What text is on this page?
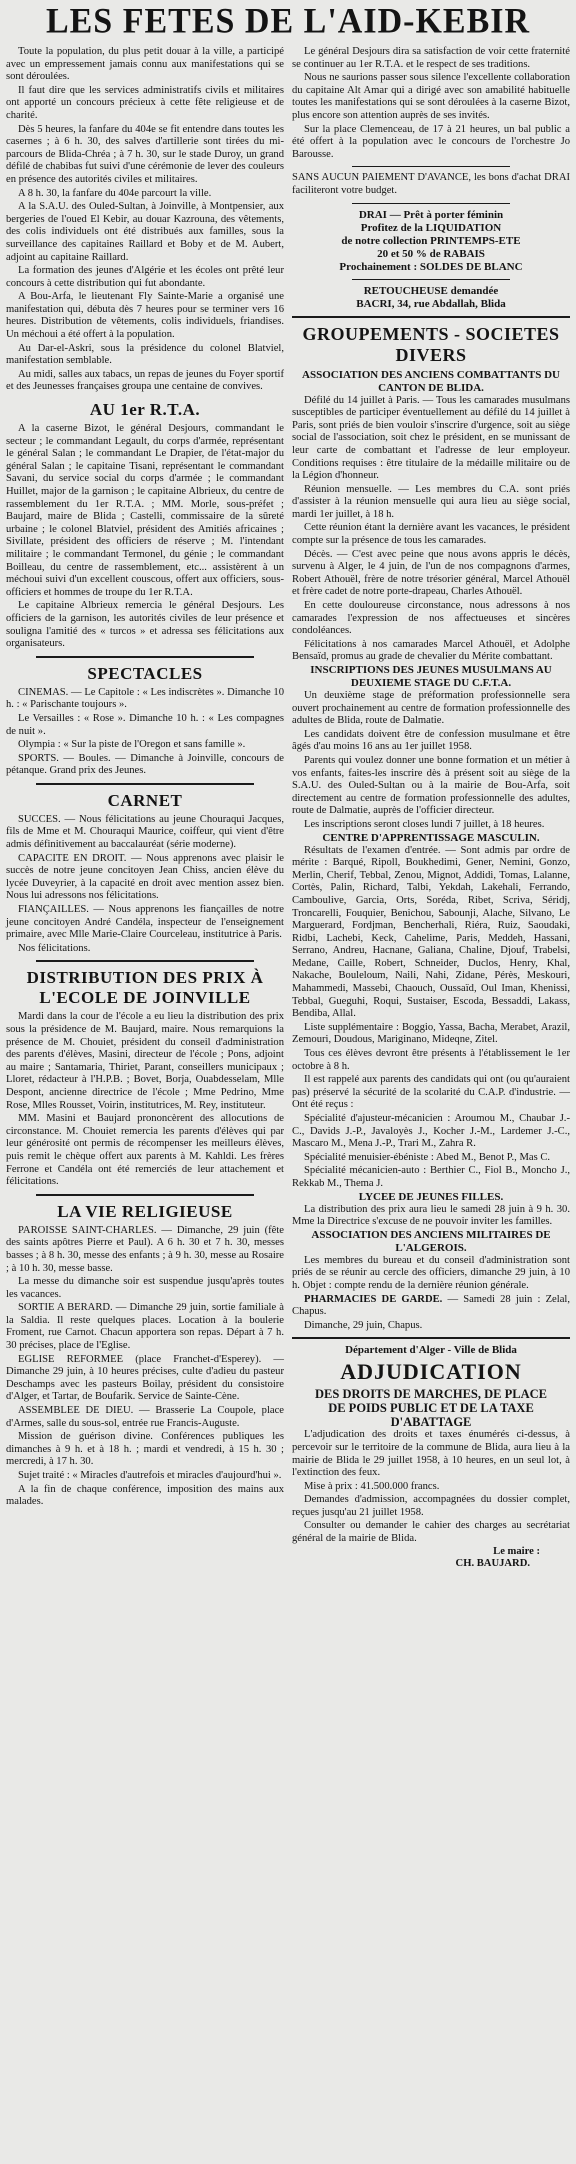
LES FETES DE L'AID-KEBIR

Toute la population, du plus petit douar à la ville, a participé avec un empressement jamais connu aux manifestations qui se sont déroulées.

Il faut dire que les services administratifs civils et militaires ont apporté un concours précieux à cette fête religieuse et de charité.

Dès 5 heures, la fanfare du 404e se fit entendre dans toutes les casernes ; à 6 h. 30, des salves d'artillerie sont tirées du mi-parcours de Blida-Chréa ; à 7 h. 30, sur le stade Duroy, un grand défilé de chabibas fut suivi d'une cérémonie de lever des couleurs en présence des autorités civiles et militaires.

A 8 h. 30, la fanfare du 404e parcourt la ville.

A la S.A.U. des Ouled-Sultan, à Joinville, à Montpensier, aux bergeries de l'oued El Kebir, au douar Kazrouna, des vêtements, des colis individuels ont été distribués aux familles, sous la surveillance des capitaines Raillard et Boby et de M. Aubert, adjoint au capitaine Raillard.

La formation des jeunes d'Algérie et les écoles ont prêté leur concours à cette distribution qui fut abondante.

A Bou-Arfa, le lieutenant Fly Sainte-Marie a organisé une manifestation qui, débuta dès 7 heures pour se terminer vers 16 heures. Distribution de vêtements, colis individuels, friandises. Un méchoui a été offert à la population.

Au Dar-el-Askri, sous la présidence du colonel Blatviel, manifestation semblable.

Au midi, salles aux tabacs, un repas de jeunes du Foyer sportif et des Jeunesses françaises groupa une centaine de convives.

AU 1er R.T.A.

A la caserne Bizot, le général Desjours, commandant le secteur ; le commandant Legault, du corps d'armée, représentant le général Salan ; le commandant Le Drapier, de l'état-major du général Salan ; le capitaine Tisani, représentant le commandant Savani, du service social du corps d'armée ; le commandant Huillet, major de la garnison ; le capitaine Albrieux, du centre de rassemblement du 1er R.T.A. ; MM. Morle, sous-préfet ; Baujard, maire de Blida ; Castelli, commissaire de la sûreté urbaine ; le colonel Blatviel, président des Amitiés africaines ; Sivillate, président des officiers de réserve ; M. l'intendant militaire ; le commandant Termonel, du génie ; le commandant Boilleau, du centre de rassemblement, etc... assistèrent à un méchoui suivi d'un excellent couscous, offert aux officiers, sous-officiers et hommes de troupe du 1er R.T.A.

Le capitaine Albrieux remercia le général Desjours. Les officiers de la garnison, les autorités civiles de leur présence et souligna l'amitié des « turcos » et adressa ses félicitations aux organisateurs.

SPECTACLES

CINEMAS. — Le Capitole : « Les indiscrètes ». Dimanche 10 h. : « Parischante toujours ».

Le Versailles : « Rose ». Dimanche 10 h. : « Les compagnes de nuit ».

Olympia : « Sur la piste de l'Oregon et sans famille ».

SPORTS. — Boules. — Dimanche à Joinville, concours de pétanque. Grand prix des Jeunes.

CARNET

SUCCES. — Nous félicitations au jeune Chouraqui Jacques, fils de Mme et M. Chouraqui Maurice, coiffeur, qui vient d'être admis définitivement au baccalauréat (série moderne).

CAPACITE EN DROIT. — Nous apprenons avec plaisir le succès de notre jeune concitoyen Jean Chiss, ancien élève du lycée Duveyrier, à la capacité en droit avec mention assez bien. Nous lui adressons nos félicitations.

FIANÇAILLES. — Nous apprenons les fiançailles de notre jeune concitoyen André Candéla, inspecteur de l'enseignement primaire, avec Mlle Marie-Claire Courceleau, institutrice à Paris.

Nos félicitations.

DISTRIBUTION DES PRIX À L'ECOLE DE JOINVILLE

Mardi dans la cour de l'école a eu lieu la distribution des prix sous la présidence de M. Baujard, maire. Nous remarquions la présence de M. Chouiet, président du conseil d'administration des parents d'élèves, Masini, directeur de l'école ; Pons, adjoint au maire ; Santamaria, Thiriet, Parant, conseillers municipaux ; Lloret, rédacteur à l'H.P.B. ; Bovet, Borja, Ouabdesselam, Mlle Despont, ancienne directrice de l'école ; Mme Pedrino, Mme Rose, Mlles Rousset, Voirin, institutrices, M. Rey, instituteur.

MM. Masini et Baujard prononcèrent des allocutions de circonstance. M. Chouiet remercia les parents d'élèves qui par leur générosité ont permis de récompenser les meilleurs élèves, puis remit le chèque offert aux parents à M. Kahldi. Les frères Ferrone et Candéla ont été remerciés de leur attachement et félicitations.

LA VIE RELIGIEUSE

PAROISSE SAINT-CHARLES. — Dimanche, 29 juin (fête des saints apôtres Pierre et Paul). A 6 h. 30 et 7 h. 30, messes basses ; à 8 h. 30, messe des enfants ; à 9 h. 30, messe au Rosaire ; à 10 h. 30, messe basse.

La messe du dimanche soir est suspendue jusqu'après toutes les vacances.

SORTIE A BERARD. — Dimanche 29 juin, sortie familiale à la Saldia. Il reste quelques places. Location à la boulerie Froment, rue Carnot. Chacun apportera son repas. Départ à 7 h. 30 précises, place de l'Eglise.

EGLISE REFORMEE (place Franchet-d'Esperey). — Dimanche 29 juin, à 10 heures précises, culte d'adieu du pasteur Deschamps avec les pasteurs Boilay, président du consistoire d'Alger, et Tartar, de Boufarik. Service de Sainte-Cène.

ASSEMBLEE DE DIEU. — Brasserie La Coupole, place d'Armes, salle du sous-sol, entrée rue Francis-Auguste.

Mission de guérison divine. Conférences publiques les dimanches à 9 h. et à 18 h. ; mardi et vendredi, à 15 h. 30 ; mercredi, à 17 h. 30.

Sujet traité : « Miracles d'autrefois et miracles d'aujourd'hui ».

A la fin de chaque conférence, imposition des mains aux malades.

Le général Desjours dira sa satisfaction de voir cette fraternité se continuer au 1er R.T.A. et le respect de ses traditions.

Nous ne saurions passer sous silence l'excellente collaboration du capitaine Alt Amar qui a dirigé avec son amabilité habituelle toutes les manifestations qui se sont déroulées à la caserne Bizot, plus encore son attention auprès de ses invités.

Sur la place Clemenceau, de 17 à 21 heures, un bal public a été offert à la population avec le concours de l'orchestre Jo Barousse.

SANS AUCUN PAIEMENT D'AVANCE, les bons d'achat DRAI faciliteront votre budget.

DRAI — Prêt à porter féminin
Profitez de la LIQUIDATION
de notre collection PRINTEMPS-ETE
20 et 50 % de RABAIS
Prochainement : SOLDES DE BLANC
RETOUCHEUSE demandée
BACRI, 34, rue Abdallah, Blida
GROUPEMENTS - SOCIETES DIVERS
ASSOCIATION DES ANCIENS COMBATTANTS DU CANTON DE BLIDA.

Défilé du 14 juillet à Paris. — Tous les camarades musulmans susceptibles de participer éventuellement au défilé du 14 juillet à Paris, sont priés de bien vouloir s'inscrire d'urgence, soit au siège social de l'association, soit chez le président, en se munissant de leur carte de combattant et l'adresse de leur employeur. Conditions requises : être titulaire de la médaille militaire ou de la Légion d'honneur.

Réunion mensuelle. — Les membres du C.A. sont priés d'assister à la réunion mensuelle qui aura lieu au siège social, mardi 1er juillet, à 18 h.

Cette réunion étant la dernière avant les vacances, le président compte sur la présence de tous les camarades.

Décès. — C'est avec peine que nous avons appris le décès, survenu à Alger, le 4 juin, de l'un de nos compagnons d'armes, Robert Athouël, frère de notre trésorier général, Marcel Athouël et frère cadet de notre porte-drapeau, Charles Athouël.

En cette douloureuse circonstance, nous adressons à nos camarades l'expression de nos affectueuses et sincères condoléances.

Félicitations à nos camarades Marcel Athouël, et Adolphe Bensaïd, promus au grade de chevalier du Mérite combattant.

INSCRIPTIONS DES JEUNES MUSULMANS AU DEUXIEME STAGE DU C.F.T.A.

Un deuxième stage de préformation professionnelle sera ouvert prochainement au centre de formation professionnelle des adultes de Blida, route de Dalmatie.

Les candidats doivent être de confession musulmane et être âgés d'au moins 16 ans au 1er juillet 1958.

Parents qui voulez donner une bonne formation et un métier à vos enfants, faites-les inscrire dès à présent soit au siège de la S.A.U. des Ouled-Sultan ou à la mairie de Bou-Arfa, soit directement au centre de formation professionnelle des adultes, route de Dalmatie, auprès de l'officier directeur.

Les inscriptions seront closes lundi 7 juillet, à 18 heures.

CENTRE D'APPRENTISSAGE MASCULIN.

Résultats de l'examen d'entrée. — Sont admis par ordre de mérite : Barqué, Ripoll, Boukhedimi, Gener, Nemini, Gonzo, Merlin, Cherif, Tebbal, Zenou, Mignot, Addidi, Tomas, Lalanne, Cortès, Palin, Richard, Talbi, Yekdah, Lakehali, Ferrando, Camboulive, Garcia, Orts, Soréda, Ribet, Scriva, Séridj, Troncarelli, Fouquier, Benichou, Sabounji, Alache, Silvano, Le Marguerard, Fordjman, Bencherhali, Riéra, Ruiz, Saoudaki, Ridbi, Lachebi, Keck, Cahelime, Paris, Meddeh, Hassani, Serrano, Andreu, Hacnane, Galiana, Chaline, Djouf, Trabelsi, Medane, Caille, Robert, Schneider, Duclos, Henry, Khal, Nakache, Bouleloum, Naili, Nahi, Zidane, Pérès, Meskouri, Mahammedi, Massebi, Chaouch, Oussaïd, Oul Iman, Khenissi, Tebbal, Gueguhi, Roqui, Sustaiser, Escoda, Bessaddi, Lakass, Bendiba, Allal.

Liste supplémentaire : Boggio, Yassa, Bacha, Merabet, Arazil, Zemouri, Doudous, Mariginano, Mideqne, Zitel.

Tous ces élèves devront être présents à l'établissement le 1er octobre à 8 h.

Il est rappelé aux parents des candidats qui ont (ou qu'auraient pas) préservé la sécurité de la scolarité du C.A.P. d'industrie. — Ont été reçus :

Spécialité d'ajusteur-mécanicien : Aroumou M., Chaubar J.-C., Davids J.-P., Javaloyès J., Kocher J.-M., Lardemer J.-C., Mascaro M., Mena J.-P., Trari M., Zahra R.

Spécialité menuisier-ébéniste : Abed M., Benot P., Mas C.

Spécialité mécanicien-auto : Berthier C., Fiol B., Moncho J., Rekkab M., Thema J.

LYCEE DE JEUNES FILLES.

La distribution des prix aura lieu le samedi 28 juin à 9 h. 30. Mme la Directrice s'excuse de ne pouvoir inviter les familles.

ASSOCIATION DES ANCIENS MILITAIRES DE L'ALGEROIS.

Les membres du bureau et du conseil d'administration sont priés de se réunir au cercle des officiers, dimanche 29 juin, à 10 h. Objet : compte rendu de la dernière réunion générale.

PHARMACIES DE GARDE. — Samedi 28 juin : Zelal, Chapus.

Dimanche, 29 juin, Chapus.

Département d'Alger - Ville de Blida
ADJUDICATION
DES DROITS DE MARCHES, DE PLACE
DE POIDS PUBLIC ET DE LA TAXE
D'ABATTAGE

L'adjudication des droits et taxes énumérés ci-dessus, à percevoir sur le territoire de la commune de Blida, aura lieu à la mairie de Blida le 29 juillet 1958, à 10 heures, en un seul lot, à l'extinction des feux.

Mise à prix : 41.500.000 francs.

Demandes d'admission, accompagnées du dossier complet, reçues jusqu'au 21 juillet 1958.

Consulter ou demander le cahier des charges au secrétariat général de la mairie de Blida.

Le maire :
CH. BAUJARD.
